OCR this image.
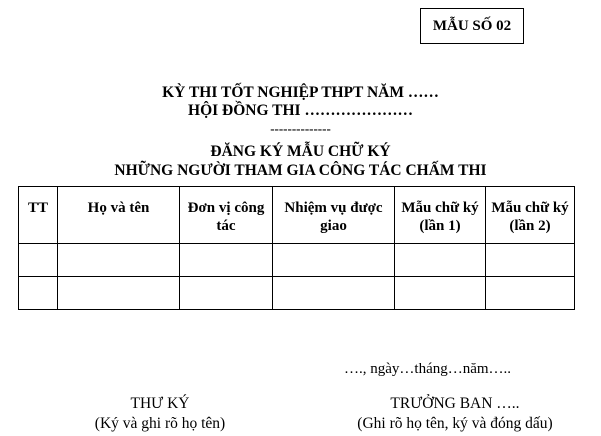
MẪU SỐ 02
KỲ THI TỐT NGHIỆP THPT NĂM ……
HỘI ĐỒNG THI …………………
--------------
ĐĂNG KÝ MẪU CHỮ KÝ
NHỮNG NGƯỜI THAM GIA CÔNG TÁC CHẤM THI
TT	Họ và tên	Đơn vị công tác	Nhiệm vụ được giao	Mẫu chữ ký (lần 1)	Mẫu chữ ký (lần 2)

…., ngày…tháng…năm…..
THƯ KÝ
(Ký và ghi rõ họ tên)
TRƯỞNG BAN …..
(Ghi rõ họ tên, ký và đóng dấu)
